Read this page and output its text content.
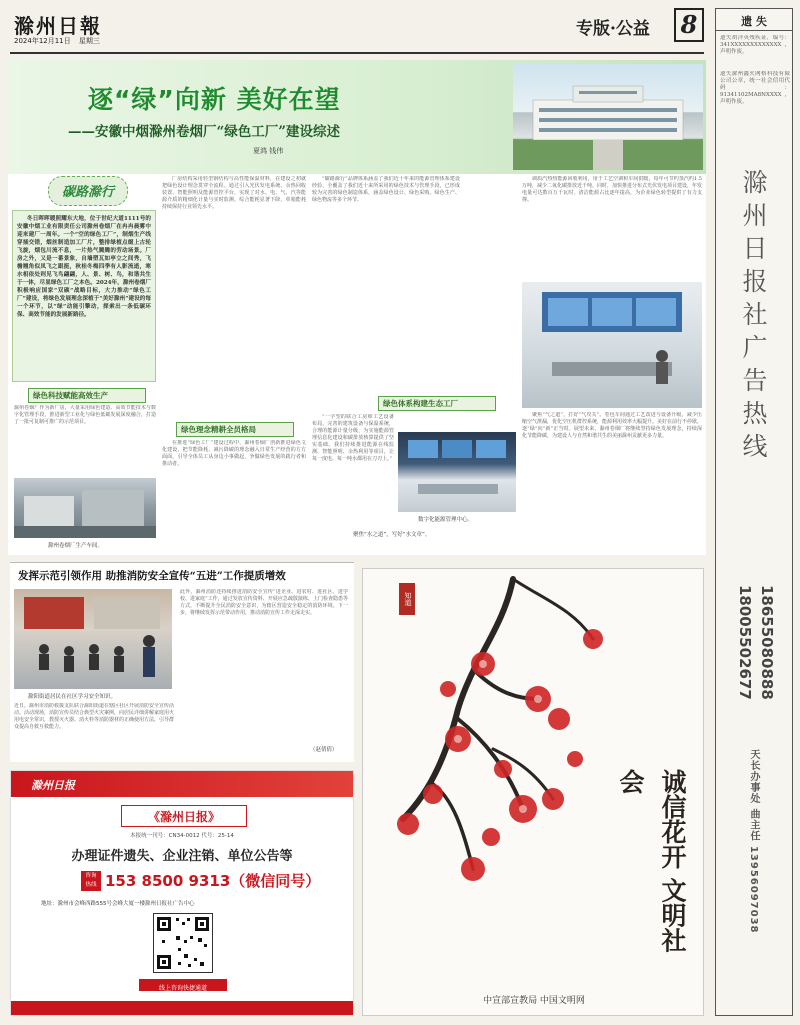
滁州日報
2024年12月11日 星期三
专版·公益 8
逐“绿”向新 美好在望
——安徽中烟滁州卷烟厂“绿色工厂”建设综述
夏鸿 钱伟
碳路滁行
冬日晖晖暖照耀东大地，位于世纪大道1111号的安徽中烟工业有限责任公司滁州卷烟厂在冉冉晨雾中迎来建厂一周年。一个“空的绿色工厂”，制烟生产线穿插交错，烟丝制造加工厂片，整排绿植点缀上古轮飞旋，烟包川流不息，一片热气腾腾的劳动场景。厂房之外，又是一番景象，自墙塑瓦如亭立之间秀，飞檐翘角似凤飞之跟挺，秋桂冬梅四季有人影流逝，寒水相依处则见飞鸟翩翩，人、景、树、鸟，和谐共生于一体，尽显绿色工厂之本色。2024年，滁州卷烟厂积极响应国家“双碳”战略目标，大力推动“绿色工厂”建设，将绿色发展理念深植于“美好滁州”建设的每一个环节，以“绿”动能引擎动，探索出一条低碳环保、高效节能的发展新路径。
绿色科技赋能高效生产
滁州卷烟厂作为新厂房，大量采用绿色建造、高效节能技术与数字化管理手段，推进新型工业化与绿色低碳发展深度融合，打造了一批可复制可推广的示范项目。
滁州卷烟厂生产车间。

厂房结构采用轻型钢结构与高性能保温材料，在建设之初就把绿色设计理念贯穿全流程。通过引入光伏发电系统、余热回收装置、智能照明及能源管控平台，实现了对水、电、气、汽等能源介质的精细化计量与实时监测，综合能耗显著下降，单箱能耗持续保持行业领先水平。

绿色理念精耕全员格局

在推进“绿色工厂”建设过程中，滁州卷烟厂创新推进绿色文化建设，把节能降耗、减污降碳的理念融入日常生产经营的方方面面，引导全体员工从身边小事做起，争做绿色发展的践行者和推动者。

“碳路滁行”品牌体系涵盖了我们近十年来的能源管理体系建设经验，全覆盖了我们近十来所采用的绿色技术与管理手段，已形成较为完善的绿色制造体系，涵盖绿色设计、绿色采购、绿色生产、绿色物流等多个环节。

绿色体系构建生态工厂

“一字型的联合工房和工艺设备布局，完善的建筑设备与保温系统，合理的能源计量分级，为实施能源管理信息化建设和碳排放核算提供了坚实基础。我们持续推进能源在线监测、智能照明、余热利用等项目，让每一度电、每一吨水都用在刀刃上。”

数字化能源管理中心。
聚焦“水之道”，写好“水文章”。

调质汽热热能源回收利用，用于工艺空调和车间供暖，每年可节约蒸汽约1.5万吨，减少二氧化碳排放近千吨。同时，加快推进分布式光伏发电项目建设，年发电量可达数百万千瓦时，清洁能源占比逐年提高，为企业绿色转型提供了有力支撑。

聚焦“气之道”，打好“气攻关”。卷包车间通过工艺改进与设备升级，减少压缩空气泄漏，优化空压机群控系统，能源利用效率大幅提升。美好在前行不停歇，逐“绿”向“新”正当时。展望未来，滁州卷烟厂将继续坚持绿色发展理念，持续深化节能降碳，为建设人与自然和谐共生的美丽滁州贡献更多力量。

遗 失
遗失胡洋英残疾证，编号：341XXXXXXXXXXXXX，声明作废。
遗失滁州鑫火网格科技有限公司公章，统一社会信用代码：91341102MA8NXXXX，声明作废。
滁州日报社广告热线
18655080888
18005502677
天长办事处 曲主任 13956097038
发挥示范引领作用 助推消防安全宣传“五进”工作提质增效
滁阳街道居民在社区学习安全知识。
近日，滁州市消防救援支队联合滁阳街道在辖区社区开展消防安全宣传活动。活动现场，消防宣传员结合典型火灾案例，向居民详细讲解家庭用火用电安全常识，教授灭火器、消火栓等消防器材的正确使用方法，引导群众提高自救互救能力。
此外，滁州消防还持续推进消防安全宣传“进企业、进农村、进社区、进学校、进家庭”工作，通过发放宣传资料、开展应急疏散演练、上门检查隐患等方式，不断提升全民消防安全意识，为辖区营造安全稳定的消防环境。下一步，将继续发挥示范带动作用，推动消防宣传工作走深走实。
（赵倩倩）
滁州日报
《滁州日报》
本报统一刊号：CN34-0012 代号：25-14
办理证件遗失、企业注销、单位公告等
咨询
热线 153 8500 9313（微信同号）
地址：滁州市会峰西路555号会峰大厦一楼滁州日报社广告中心
线上咨询快捷通道
知道
诚信花开 文明社会
中宣部宣教局 中国文明网
